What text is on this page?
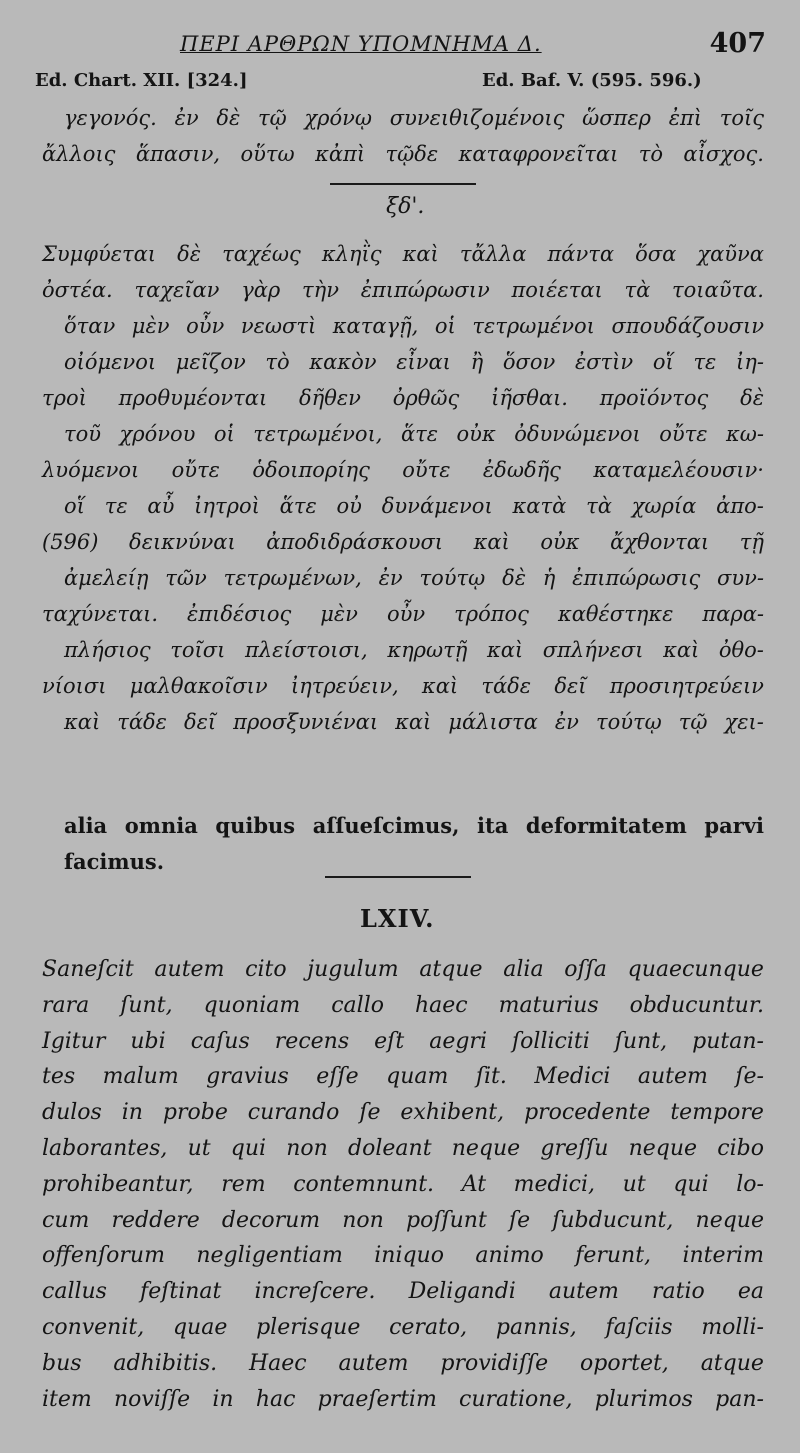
ΠΕΡΙ ΑΡΘΡΩΝ ΥΠΟΜΝΗΜΑ Δ.	407
Ed. Chart. XII. [324.]	Ed. Baf. V. (595. 596.)
γεγονός. ἐν δὲ τῷ χρόνῳ συνειθιζομένοις ὥσπερ ἐπὶ τοῖς
ἄλλοις ἅπασιν, οὕτω κἀπὶ τῷδε καταφρονεῖται τὸ αἶσχος.
ξδ'.
Συμφύεται δὲ ταχέως κληῒς καὶ τἄλλα πάντα ὅσα χαῦνα
ὀστέα. ταχεῖαν γὰρ τὴν ἐπιπώρωσιν ποιέεται τὰ τοιαῦτα.
ὅταν μὲν οὖν νεωστὶ καταγῇ, οἱ τετρωμένοι σπουδάζουσιν
οἰόμενοι μεῖζον τὸ κακὸν εἶναι ἢ ὅσον ἐστὶν οἵ τε ἰη-
τροὶ προθυμέονται δῆθεν ὀρθῶς ἰῆσθαι. προϊόντος δὲ
τοῦ χρόνου οἱ τετρωμένοι, ἅτε οὐκ ὀδυνώμενοι οὔτε κω-
λυόμενοι οὔτε ὁδοιπορίης οὔτε ἐδωδῆς καταμελέουσιν·
οἵ τε αὖ ἰητροὶ ἅτε οὐ δυνάμενοι κατὰ τὰ χωρία ἀπο-
(596) δεικνύναι ἀποδιδράσκουσι καὶ οὐκ ἄχθονται τῇ
ἀμελείῃ τῶν τετρωμένων, ἐν τούτῳ δὲ ἡ ἐπιπώρωσις συν-
ταχύνεται. ἐπιδέσιος μὲν οὖν τρόπος καθέστηκε παρα-
πλήσιος τοῖσι πλείστοισι, κηρωτῇ καὶ σπλήνεσι καὶ ὀθο-
νίοισι μαλθακοῖσιν ἰητρεύειν, καὶ τάδε δεῖ προσιητρεύειν
καὶ τάδε δεῖ προσξυνιέναι καὶ μάλιστα ἐν τούτῳ τῷ χει-
alia omnia quibus aſſueſcimus, ita deformitatem parvi
facimus.
LXIV.
Saneſcit autem cito jugulum atque alia oſſa quaecunque
rara ſunt, quoniam callo haec maturius obducuntur.
Igitur ubi caſus recens eſt aegri ſolliciti ſunt, putan-
tes malum gravius eſſe quam ſit. Medici autem ſe-
dulos in probe curando ſe exhibent, procedente tempore
laborantes, ut qui non doleant neque greſſu neque cibo
prohibeantur, rem contemnunt. At medici, ut qui lo-
cum reddere decorum non poſſunt ſe ſubducunt, neque
offenſorum negligentiam iniquo animo ferunt, interim
callus feſtinat increſcere. Deligandi autem ratio ea
convenit, quae plerisque cerato, pannis, faſciis molli-
bus adhibitis. Haec autem providiſſe oportet, atque
item noviſſe in hac praeſertim curatione, plurimos pan-
